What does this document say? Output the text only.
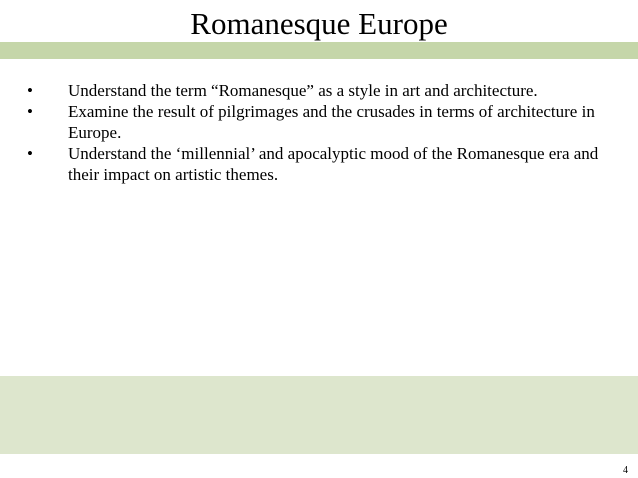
Romanesque Europe
• Understand the term “Romanesque” as a style in art and architecture.
• Examine the result of pilgrimages and the crusades in terms of architecture in Europe.
• Understand the ‘millennial’ and apocalyptic mood of the Romanesque era and their impact on artistic themes.
4
